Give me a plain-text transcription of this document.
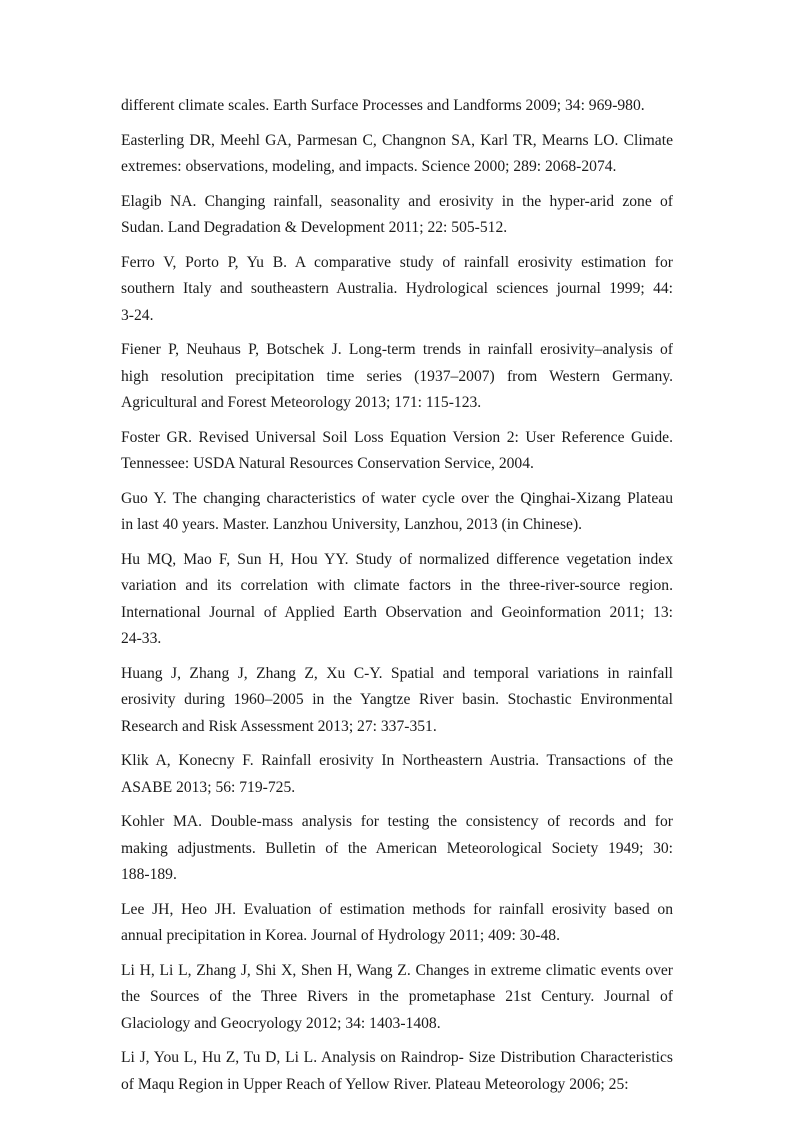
different climate scales. Earth Surface Processes and Landforms 2009; 34: 969-980.
Easterling DR, Meehl GA, Parmesan C, Changnon SA, Karl TR, Mearns LO. Climate
extremes: observations, modeling, and impacts. Science 2000; 289: 2068-2074.
Elagib NA. Changing rainfall, seasonality and erosivity in the hyper-arid zone of
Sudan. Land Degradation & Development 2011; 22: 505-512.
Ferro V, Porto P, Yu B. A comparative study of rainfall erosivity estimation for
southern Italy and southeastern Australia. Hydrological sciences journal 1999; 44:
3-24.
Fiener P, Neuhaus P, Botschek J. Long-term trends in rainfall erosivity–analysis of
high resolution precipitation time series (1937–2007) from Western Germany.
Agricultural and Forest Meteorology 2013; 171: 115-123.
Foster GR. Revised Universal Soil Loss Equation Version 2: User Reference Guide.
Tennessee: USDA Natural Resources Conservation Service, 2004.
Guo Y. The changing characteristics of water cycle over the Qinghai-Xizang Plateau
in last 40 years. Master. Lanzhou University, Lanzhou, 2013 (in Chinese).
Hu MQ, Mao F, Sun H, Hou YY. Study of normalized difference vegetation index
variation and its correlation with climate factors in the three-river-source region.
International Journal of Applied Earth Observation and Geoinformation 2011; 13:
24-33.
Huang J, Zhang J, Zhang Z, Xu C-Y. Spatial and temporal variations in rainfall
erosivity during 1960–2005 in the Yangtze River basin. Stochastic Environmental
Research and Risk Assessment 2013; 27: 337-351.
Klik A, Konecny F. Rainfall erosivity In Northeastern Austria. Transactions of the
ASABE 2013; 56: 719-725.
Kohler MA. Double-mass analysis for testing the consistency of records and for
making adjustments. Bulletin of the American Meteorological Society 1949; 30:
188-189.
Lee JH, Heo JH. Evaluation of estimation methods for rainfall erosivity based on
annual precipitation in Korea. Journal of Hydrology 2011; 409: 30-48.
Li H, Li L, Zhang J, Shi X, Shen H, Wang Z. Changes in extreme climatic events over
the Sources of the Three Rivers in the prometaphase 21st Century. Journal of
Glaciology and Geocryology 2012; 34: 1403-1408.
Li J, You L, Hu Z, Tu D, Li L. Analysis on Raindrop- Size Distribution Characteristics
of Maqu Region in Upper Reach of Yellow River. Plateau Meteorology 2006; 25:
